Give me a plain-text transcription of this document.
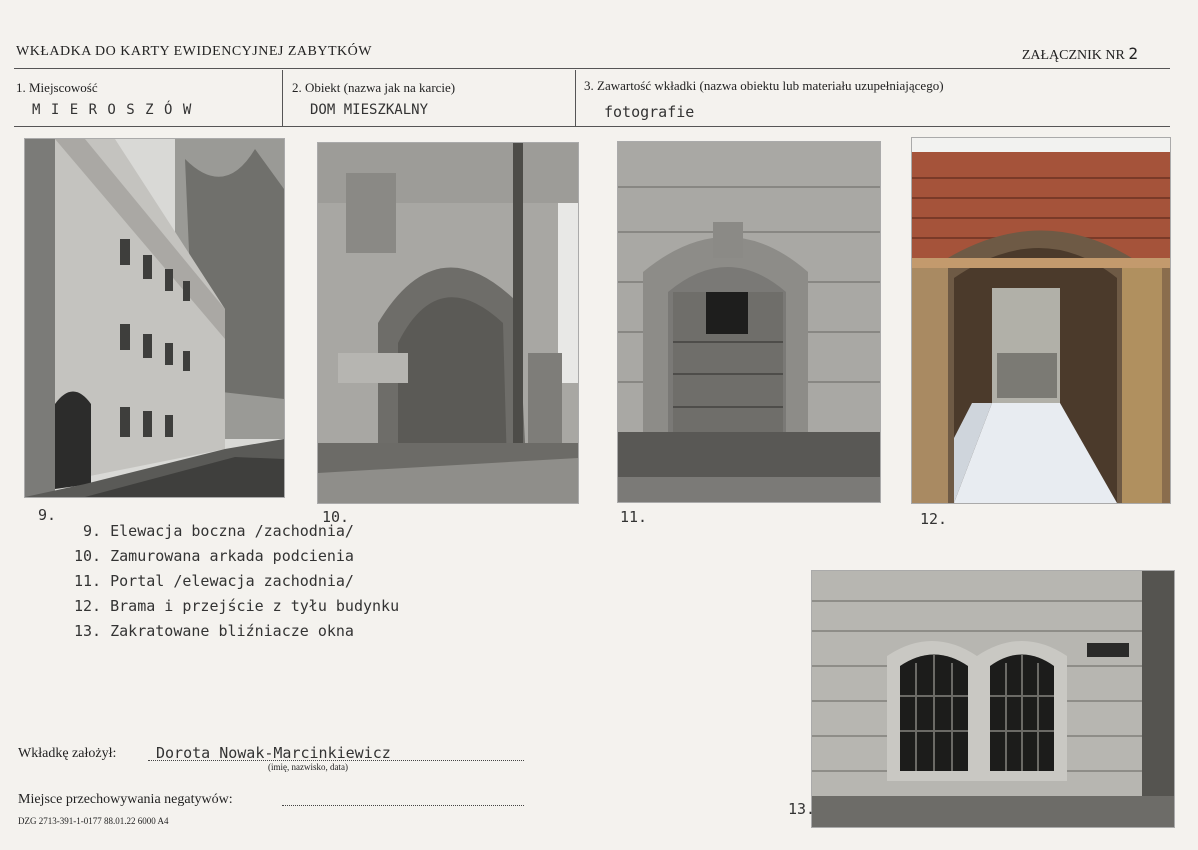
WKŁADKA DO KARTY EWIDENCYJNEJ ZABYTKÓW	ZAŁĄCZNIK NR 2
1. Miejscowość
M I E R O S Z Ó W
2. Obiekt (nazwa jak na karcie)
DOM MIESZKALNY
3. Zawartość wkładki (nazwa obiektu lub materiału uzupełniającego)
fotografie
9.	10.	11.	12.
13.
9. Elewacja boczna /zachodnia/
10. Zamurowana arkada podcienia
11. Portal /elewacja zachodnia/
12. Brama i przejście z tyłu budynku
13. Zakratowane bliźniacze okna
Wkładkę założył:	Dorota Nowak-Marcinkiewicz
(imię, nazwisko, data)
Miejsce przechowywania negatywów:
DZG 2713-391-1-0177 88.01.22 6000 A4
